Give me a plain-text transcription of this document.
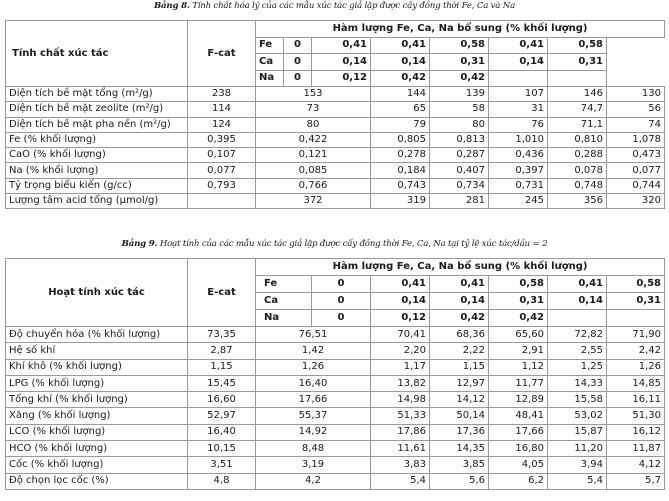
Bảng 8. Tính chất hóa lý của các mẫu xúc tác giả lập được cấy đồng thời Fe, Ca và Na
Tính chất xúc tác	F-cat	Hàm lượng Fe, Ca, Na bổ sung (% khối lượng)							
		Fe	0	0,41	0,41	0,58	0,41	0,58	
		Ca	0	0,14	0,14	0,31	0,14	0,31	
		Na	0	0,12	0,42	0,42			
Diện tích bề mặt tổng (m²/g)	238	153			144	139	107	146	130
Diện tích bề mặt zeolite (m²/g)	114	73			65	58	31	74,7	56
Diện tích bề mặt pha nền (m²/g)	124	80			79	80	76	71,1	74
Fe (% khối lượng)	0,395	0,422			0,805	0,813	1,010	0,810	1,078
CaO (% khối lượng)	0,107	0,121			0,278	0,287	0,436	0,288	0,473
Na (% khối lượng)	0,077	0,085			0,184	0,407	0,397	0,078	0,077
Tỷ trọng biểu kiến (g/cc)	0,793	0,766			0,743	0,734	0,731	0,748	0,744
Lượng tâm acid tổng (µmol/g)		372			319	281	245	356	320
Bảng 9. Hoạt tính của các mẫu xúc tác giả lập được cấy đồng thời Fe, Ca, Na tại tỷ lệ xúc tác/dầu = 2
Hoạt tính xúc tác	E-cat	Hàm lượng Fe, Ca, Na bổ sung (% khối lượng)						
		Fe	0	0,41	0,41	0,58	0,41	0,58
		Ca	0	0,14	0,14	0,31	0,14	0,31
		Na	0	0,12	0,42	0,42		
Độ chuyển hóa (% khối lượng)	73,35	76,51		70,41	68,36	65,60	72,82	71,90
Hệ số khí	2,87	1,42		2,20	2,22	2,91	2,55	2,42
Khí khô (% khối lượng)	1,15	1,26		1,17	1,15	1,12	1,25	1,26
LPG (% khối lượng)	15,45	16,40		13,82	12,97	11,77	14,33	14,85
Tổng khí (% khối lượng)	16,60	17,66		14,98	14,12	12,89	15,58	16,11
Xăng (% khối lượng)	52,97	55,37		51,33	50,14	48,41	53,02	51,30
LCO (% khối lượng)	16,40	14,92		17,86	17,36	17,66	15,87	16,12
HCO (% khối lượng)	10,15	8,48		11,61	14,35	16,80	11,20	11,87
Cốc (% khối lượng)	3,51	3,19		3,83	3,85	4,05	3,94	4,12
Độ chọn lọc cốc (%)	4,8	4,2		5,4	5,6	6,2	5,4	5,7
